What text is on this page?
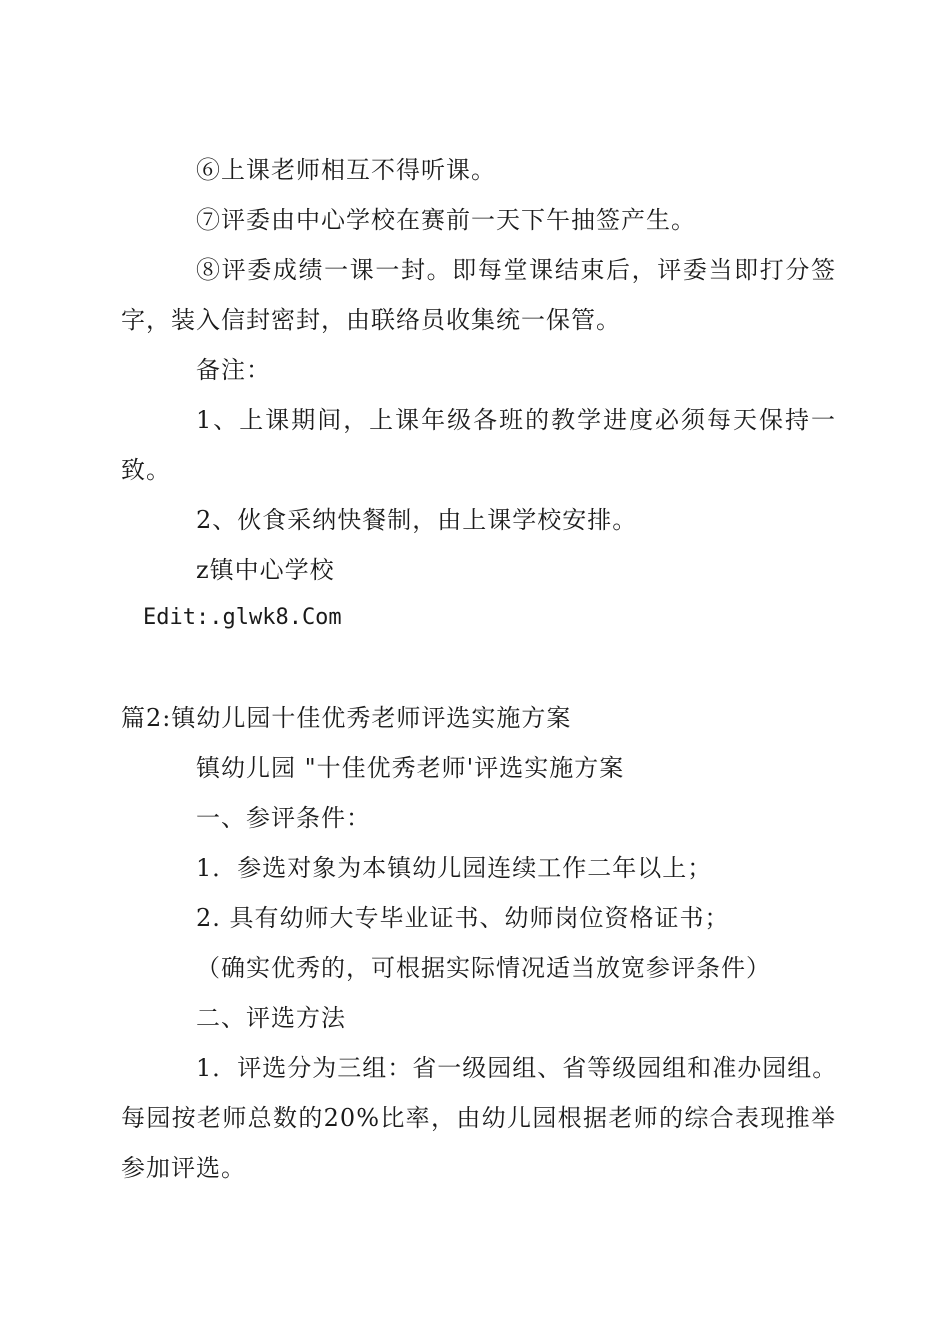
⑥上课老师相互不得听课。
⑦评委由中心学校在赛前一天下午抽签产生。
⑧评委成绩一课一封。即每堂课结束后，评委当即打分签
字，装入信封密封，由联络员收集统一保管。
备注：
1、上课期间，上课年级各班的教学进度必须每天保持一
致。
2、伙食采纳快餐制，由上课学校安排。
z镇中心学校
Edit:.glwk8.Com
篇2:镇幼儿园十佳优秀老师评选实施方案
镇幼儿园 "十佳优秀老师'评选实施方案
一、参评条件：
1．参选对象为本镇幼儿园连续工作二年以上；
2. 具有幼师大专毕业证书、幼师岗位资格证书；
（确实优秀的，可根据实际情况适当放宽参评条件）
二、评选方法
1．评选分为三组：省一级园组、省等级园组和准办园组。
每园按老师总数的20%比率，由幼儿园根据老师的综合表现推举
参加评选。
